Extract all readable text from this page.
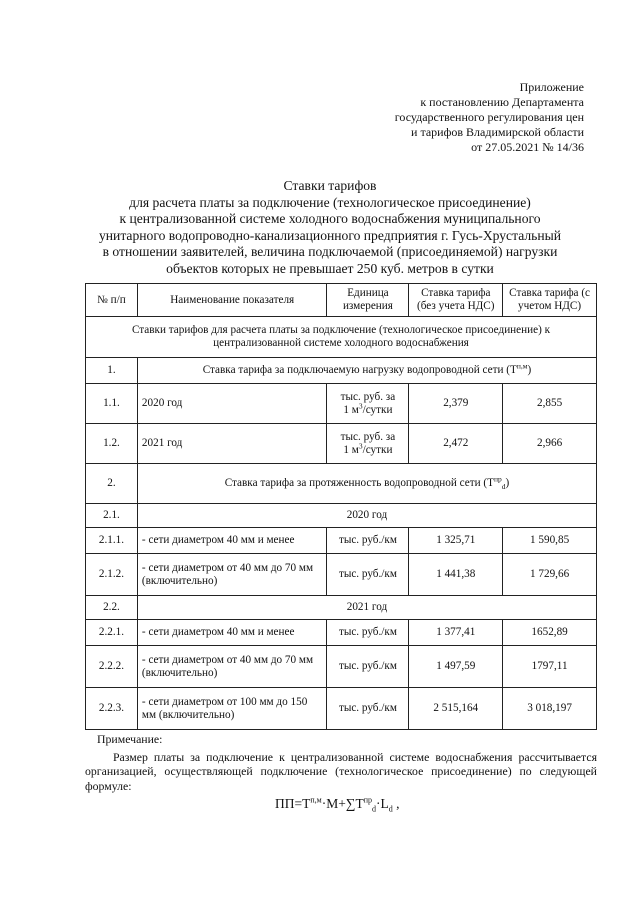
Приложение
к постановлению Департамента
государственного регулирования цен
и тарифов Владимирской области
от 27.05.2021 № 14/36
Ставки тарифов
для расчета платы за подключение (технологическое присоединение)
к централизованной системе холодного водоснабжения муниципального
унитарного водопроводно-канализационного предприятия г. Гусь-Хрустальный
в отношении заявителей, величина подключаемой (присоединяемой) нагрузки
объектов которых не превышает 250 куб. метров в сутки
№ п/п	Наименование показателя	Единица измерения	Ставка тарифа (без учета НДС)	Ставка тарифа (с учетом НДС)
Ставки тарифов для расчета платы за подключение (технологическое присоединение) к централизованной системе холодного водоснабжения				
1.	Ставка тарифа за подключаемую нагрузку водопроводной сети $(Т^{п,м})$			
1.1.	2020 год	тыс. руб. за
1 $м^3$/сутки	2,379	2,855
1.2.	2021 год	тыс. руб. за
1 $м^3$/сутки	2,472	2,966
2.	Ставка тарифа за протяженность водопроводной сети $(Т^{пр}_d)$			
2.1.	2020 год			
2.1.1.	- сети диаметром 40 мм и менее	тыс. руб./км	1 325,71	1 590,85
2.1.2.	- сети диаметром от 40 мм до 70 мм (включительно)	тыс. руб./км	1 441,38	1 729,66
2.2.	2021 год			
2.2.1.	- сети диаметром 40 мм и менее	тыс. руб./км	1 377,41	1652,89
2.2.2.	- сети диаметром от 40 мм до 70 мм (включительно)	тыс. руб./км	1 497,59	1797,11
2.2.3.	- сети диаметром от 100 мм до 150 мм (включительно)	тыс. руб./км	2 515,164	3 018,197
Примечание:
Размер платы за подключение к централизованной системе водоснабжения рассчитывается организацией, осуществляющей подключение (технологическое присоединение) по следующей формуле:
$ПП=Т^{п,м}\cdot М+\sum Т^{пр}_d\cdot L_d$ ,
